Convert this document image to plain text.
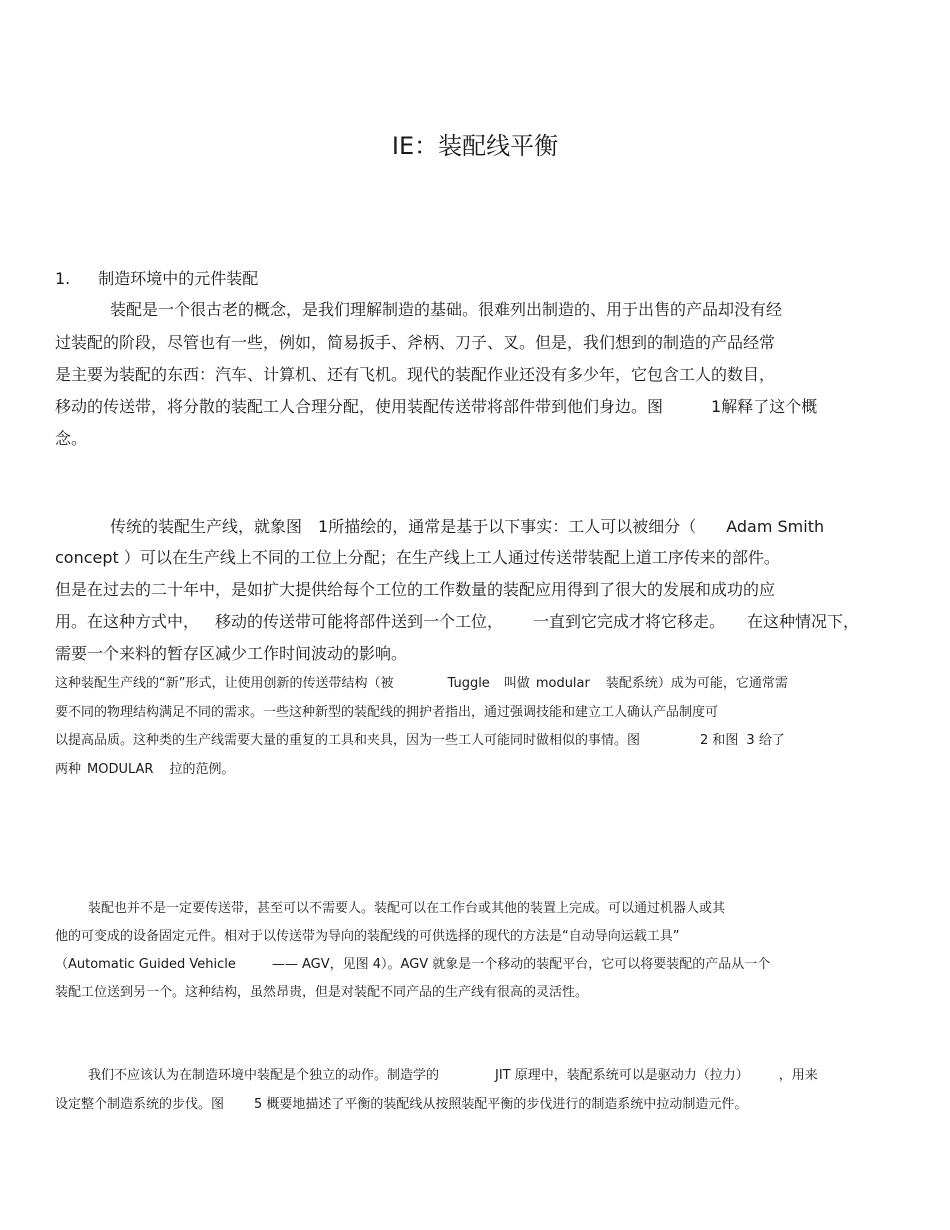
IE：装配线平衡
1. 制造环境中的元件装配
装配是一个很古老的概念，是我们理解制造的基础。很难列出制造的、用于出售的产品却没有经
过装配的阶段，尽管也有一些，例如，简易扳手、斧柄、刀子、叉。但是，我们想到的制造的产品经常
是主要为装配的东西：汽车、计算机、还有飞机。现代的装配作业还没有多少年，它包含工人的数目，
移动的传送带，将分散的装配工人合理分配，使用装配传送带将部件带到他们身边。图	1解释了这个概
念。
传统的装配生产线，就象图 1所描绘的，通常是基于以下事实：工人可以被细分（ Adam Smith
concept ）可以在生产线上不同的工位上分配；在生产线上工人通过传送带装配上道工序传来的部件。
但是在过去的二十年中，是如扩大提供给每个工位的工作数量的装配应用得到了很大的发展和成功的应
用。在这种方式中， 移动的传送带可能将部件送到一个工位， 一直到它完成才将它移走。 在这种情况下，
需要一个来料的暂存区减少工作时间波动的影响。
这种装配生产线的“新”形式，让使用创新的传送带结构（被	Tuggle 叫做 modular 装配系统）成为可能，它通常需
要不同的物理结构满足不同的需求。一些这种新型的装配线的拥护者指出，通过强调技能和建立工人确认产品制度可
以提高品质。这种类的生产线需要大量的重复的工具和夹具，因为一些工人可能同时做相似的事情。图	2 和图 3 给了
两种 MODULAR 拉的范例。
装配也并不是一定要传送带，甚至可以不需要人。装配可以在工作台或其他的装置上完成。可以通过机器人或其
他的可变成的设备固定元件。相对于以传送带为导向的装配线的可供选择的现代的方法是“自动导向运载工具”
（Automatic Guided Vehicle	—— AGV，见图 4）。AGV 就象是一个移动的装配平台，它可以将要装配的产品从一个
装配工位送到另一个。这种结构，虽然昂贵，但是对装配不同产品的生产线有很高的灵活性。
我们不应该认为在制造环境中装配是个独立的动作。制造学的	JIT 原理中，装配系统可以是驱动力（拉力） ，用来
设定整个制造系统的步伐。图 5 概要地描述了平衡的装配线从按照装配平衡的步伐进行的制造系统中拉动制造元件。
